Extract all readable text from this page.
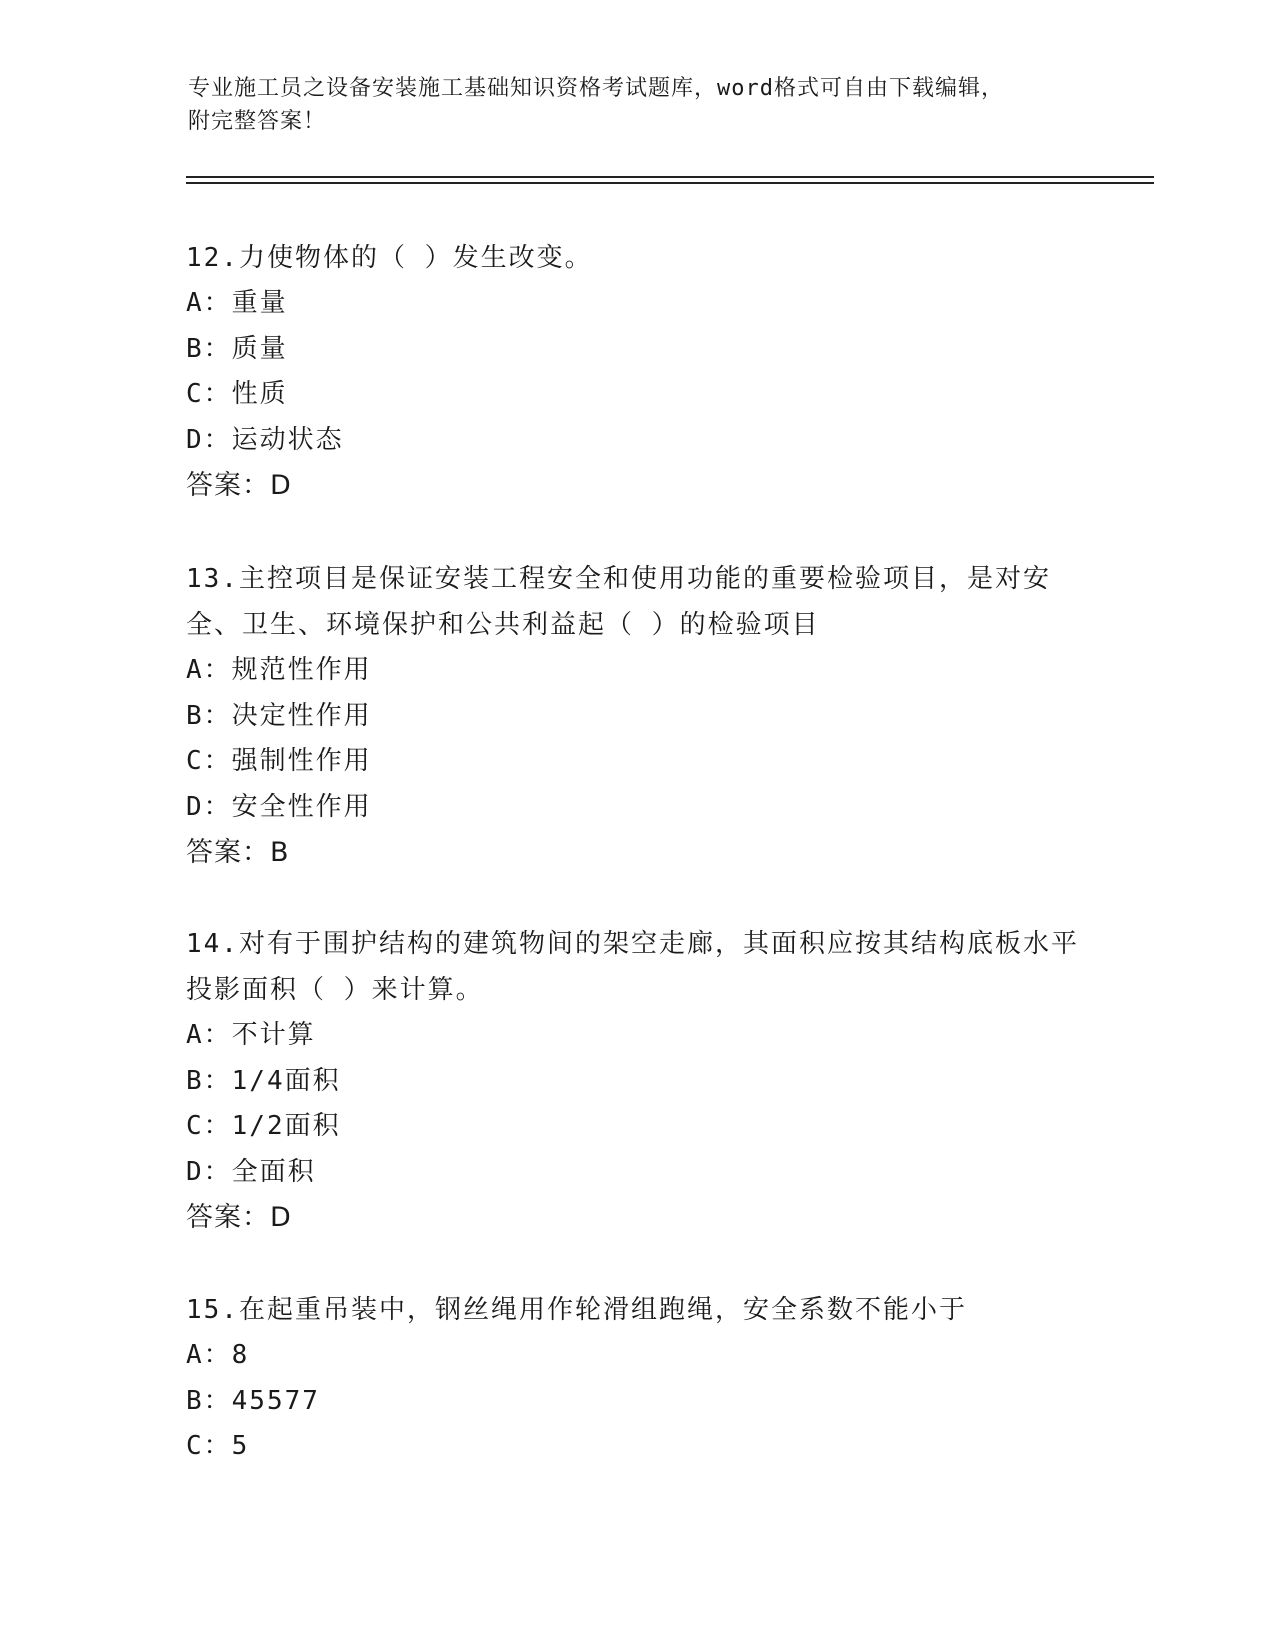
专业施工员之设备安装施工基础知识资格考试题库，word格式可自由下载编辑，
附完整答案！

12.力使物体的（ ）发生改变。

A：重量

B：质量

C：性质

D：运动状态

答案：D

13.主控项目是保证安装工程安全和使用功能的重要检验项目，是对安全、卫生、环境保护和公共利益起（ ）的检验项目

A：规范性作用

B：决定性作用

C：强制性作用

D：安全性作用

答案：B

14.对有于围护结构的建筑物间的架空走廊，其面积应按其结构底板水平投影面积（ ）来计算。

A：不计算

B：1/4面积

C：1/2面积

D：全面积

答案：D

15.在起重吊装中，钢丝绳用作轮滑组跑绳，安全系数不能小于

A：8

B：45577

C：5
